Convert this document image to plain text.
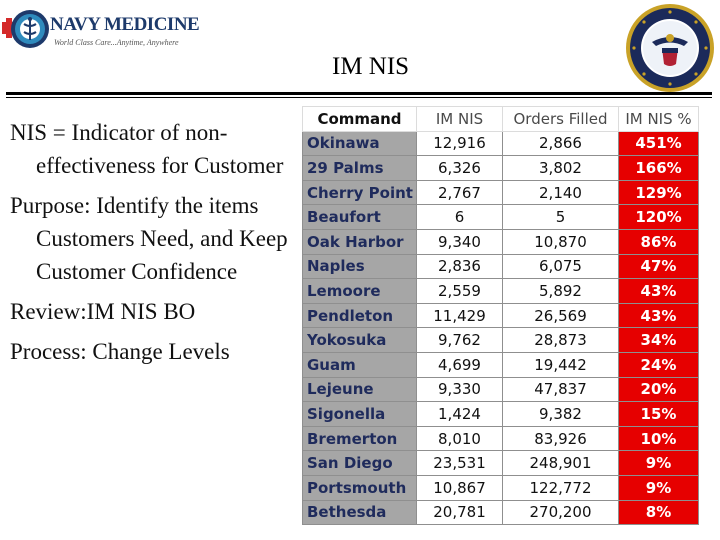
NAVY MEDICINE
World Class Care...Anytime, Anywhere
IM NIS
NIS = Indicator of non-effectiveness for Customer
Purpose: Identify the items Customers Need, and Keep Customer Confidence
Review:IM NIS BO
Process: Change Levels
Command	IM NIS	Orders Filled	IM NIS %
Okinawa	12,916	2,866	451%
29 Palms	6,326	3,802	166%
Cherry Point	2,767	2,140	129%
Beaufort	6	5	120%
Oak Harbor	9,340	10,870	86%
Naples	2,836	6,075	47%
Lemoore	2,559	5,892	43%
Pendleton	11,429	26,569	43%
Yokosuka	9,762	28,873	34%
Guam	4,699	19,442	24%
Lejeune	9,330	47,837	20%
Sigonella	1,424	9,382	15%
Bremerton	8,010	83,926	10%
San Diego	23,531	248,901	9%
Portsmouth	10,867	122,772	9%
Bethesda	20,781	270,200	8%
